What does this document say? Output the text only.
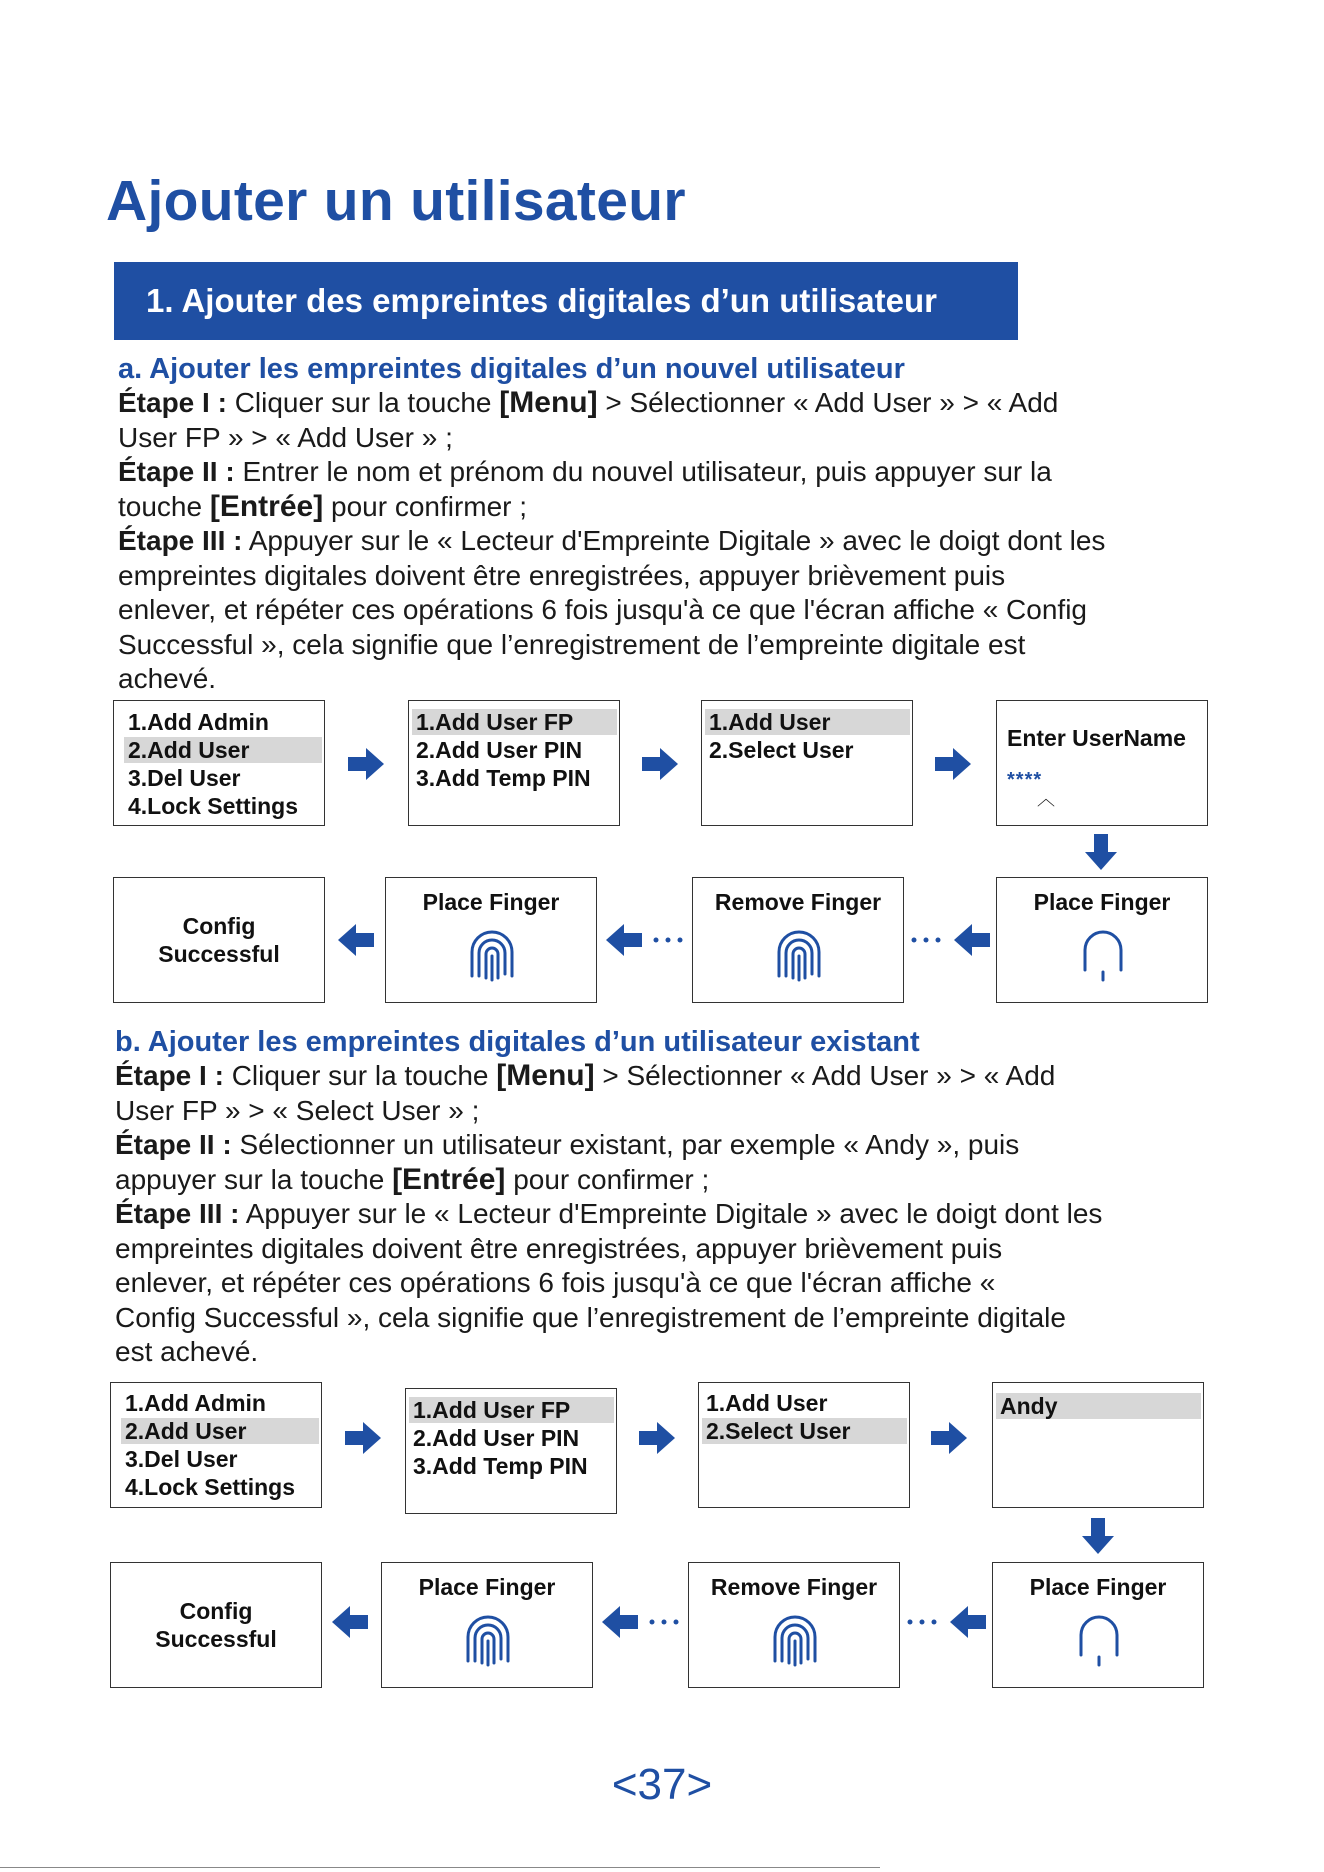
Ajouter un utilisateur
1. Ajouter des empreintes digitales d’un utilisateur
a. Ajouter les empreintes digitales d’un nouvel utilisateur
Étape I : Cliquer sur la touche [Menu] > Sélectionner « Add User » > « Add
User FP » > « Add User » ;
Étape II : Entrer le nom et prénom du nouvel utilisateur, puis appuyer sur la
touche [Entrée] pour confirmer ;
Étape III : Appuyer sur le « Lecteur d'Empreinte Digitale » avec le doigt dont les
empreintes digitales doivent être enregistrées, appuyer brièvement puis
enlever, et répéter ces opérations 6 fois jusqu'à ce que l'écran affiche « Config
Successful », cela signifie que l’enregistrement de l’empreinte digitale est
achevé.
1.Add Admin
2.Add User
3.Del User
4.Lock Settings
1.Add User FP
2.Add User PIN
3.Add Temp PIN
1.Add User
2.Select User	Enter UserName
****
︿
Config
Successful
Place Finger	Remove Finger	Place Finger
b. Ajouter les empreintes digitales d’un utilisateur existant
Étape I : Cliquer sur la touche [Menu] > Sélectionner « Add User » > « Add
User FP » > « Select User » ;
Étape II : Sélectionner un utilisateur existant, par exemple « Andy », puis
appuyer sur la touche [Entrée] pour confirmer ;
Étape III : Appuyer sur le « Lecteur d'Empreinte Digitale » avec le doigt dont les
empreintes digitales doivent être enregistrées, appuyer brièvement puis
enlever, et répéter ces opérations 6 fois jusqu'à ce que l'écran affiche «
Config Successful », cela signifie que l’enregistrement de l’empreinte digitale
est achevé.
1.Add Admin
2.Add User
3.Del User
4.Lock Settings
1.Add User FP
2.Add User PIN
3.Add Temp PIN
1.Add User
2.Select User
Andy
Config
Successful
Place Finger	Remove Finger	Place Finger
<37>
